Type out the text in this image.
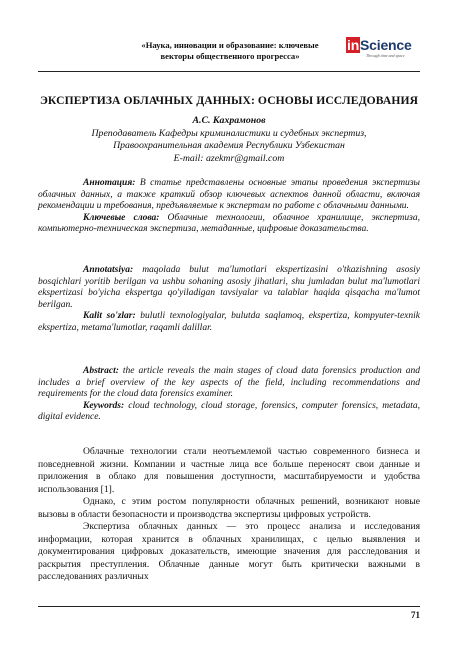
«Наука, инновации и образование: ключевые
векторы общественного прогресса»
inScience
Through time and space
ЭКСПЕРТИЗА ОБЛАЧНЫХ ДАННЫХ: ОСНОВЫ ИССЛЕДОВАНИЯ
А.С. Кахрамонов
Преподаватель Кафедры криминалистики и судебных экспертиз,
Правоохранительная академия Республики Узбекистан
E-mail: azekmr@gmail.com
Аннотация: В статье представлены основные этапы проведения экспертизы облачных данных, а также краткий обзор ключевых аспектов данной области, включая рекомендации и требования, предъявляемые к экспертам по работе с облачными данными.
Ключевые слова: Облачные технологии, облачное хранилище, экспертиза, компьютерно-техническая экспертиза, метаданные, цифровые доказательства.
Annotatsiya: maqolada bulut ma'lumotlari ekspertizasini o'tkazishning asosiy bosqichlari yoritib berilgan va ushbu sohaning asosiy jihatlari, shu jumladan bulut ma'lumotlari ekspertizasi bo'yicha ekspertga qo'yiladigan tavsiyalar va talablar haqida qisqacha ma'lumot berilgan.
Kalit so'zlar: bulutli texnologiyalar, bulutda saqlamoq, ekspertiza, kompyuter-texnik ekspertiza, metama'lumotlar, raqamli dalillar.
Abstract: the article reveals the main stages of cloud data forensics production and includes a brief overview of the key aspects of the field, including recommendations and requirements for the cloud data forensics examiner.
Keywords: cloud technology, cloud storage, forensics, computer forensics, metadata, digital evidence.

Облачные технологии стали неотъемлемой частью современного бизнеса и повседневной жизни. Компании и частные лица все больше переносят свои данные и приложения в облако для повышения доступности, масштабируемости и удобства использования [1].

Однако, с этим ростом популярности облачных решений, возникают новые вызовы в области безопасности и производства экспертизы цифровых устройств.

Экспертиза облачных данных — это процесс анализа и исследования информации, которая хранится в облачных хранилищах, с целью выявления и документирования цифровых доказательств, имеющие значения для расследования и раскрытия преступления. Облачные данные могут быть критически важными в расследованиях различных

71
